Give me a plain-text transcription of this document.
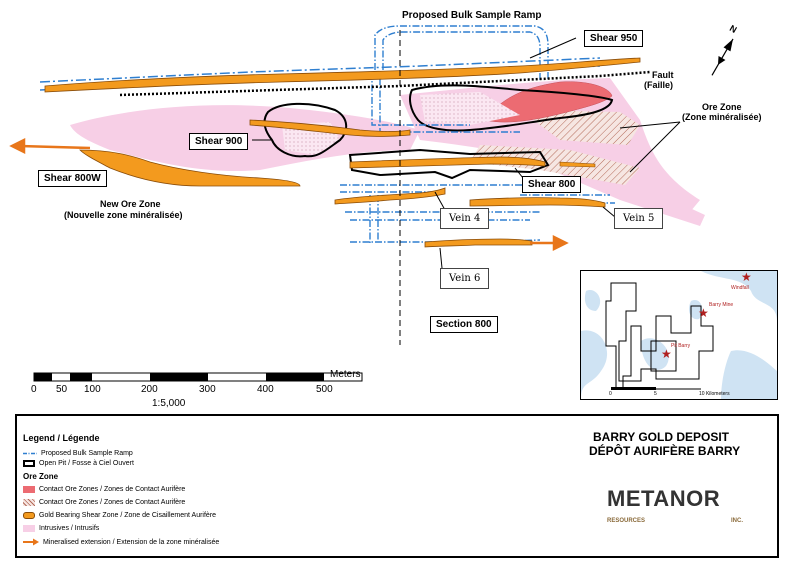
★
★
★
Proposed Bulk Sample Ramp
Shear 950
Fault
(Faille)
Ore Zone
(Zone minéralisée)
Shear 900
Shear 800W
Shear 800
New Ore Zone
(Nouvelle zone minéralisée)	Vein 4	Vein 5
Vein 6
Section 800
N
Meters
0 50 100	200	300	400	500
1:5,000
Windfall
Barry Mine
Pit Barry
0	5	10 Kilometers
Legend / Légende
Proposed Bulk Sample Ramp
Open Pit / Fosse à Ciel Ouvert
Ore Zone
Contact Ore Zones / Zones de Contact Aurifère
Contact Ore Zones / Zones de Contact Aurifère
Gold Bearing Shear Zone / Zone de Cisaillement Aurifère
Intrusives / Intrusifs
Mineralised extension / Extension de la zone minéralisée
BARRY GOLD DEPOSIT
DÉPÔT AURIFÈRE BARRY
METANOR
RESOURCES	INC.
